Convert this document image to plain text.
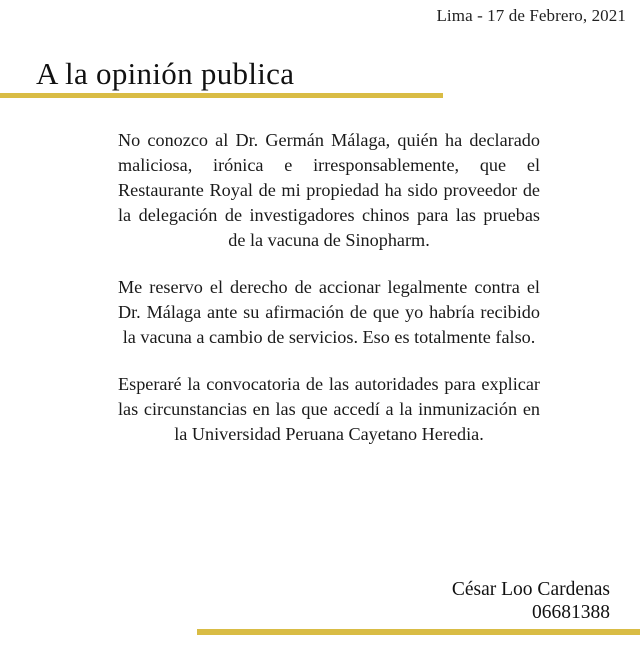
Lima - 17 de Febrero, 2021
A la opinión publica

No conozco al Dr. Germán Málaga, quién ha declarado maliciosa, irónica e irresponsablemente, que el Restaurante Royal de mi propiedad ha sido proveedor de la delegación de investigadores chinos para las pruebas de la vacuna de Sinopharm.

Me reservo el derecho de accionar legalmente contra el Dr. Málaga ante su afirmación de que yo habría recibido la vacuna a cambio de servicios. Eso es totalmente falso.

Esperaré la convocatoria de las autoridades para explicar las circunstancias en las que accedí a la inmunización en la Universidad Peruana Cayetano Heredia.

César Loo Cardenas
06681388
